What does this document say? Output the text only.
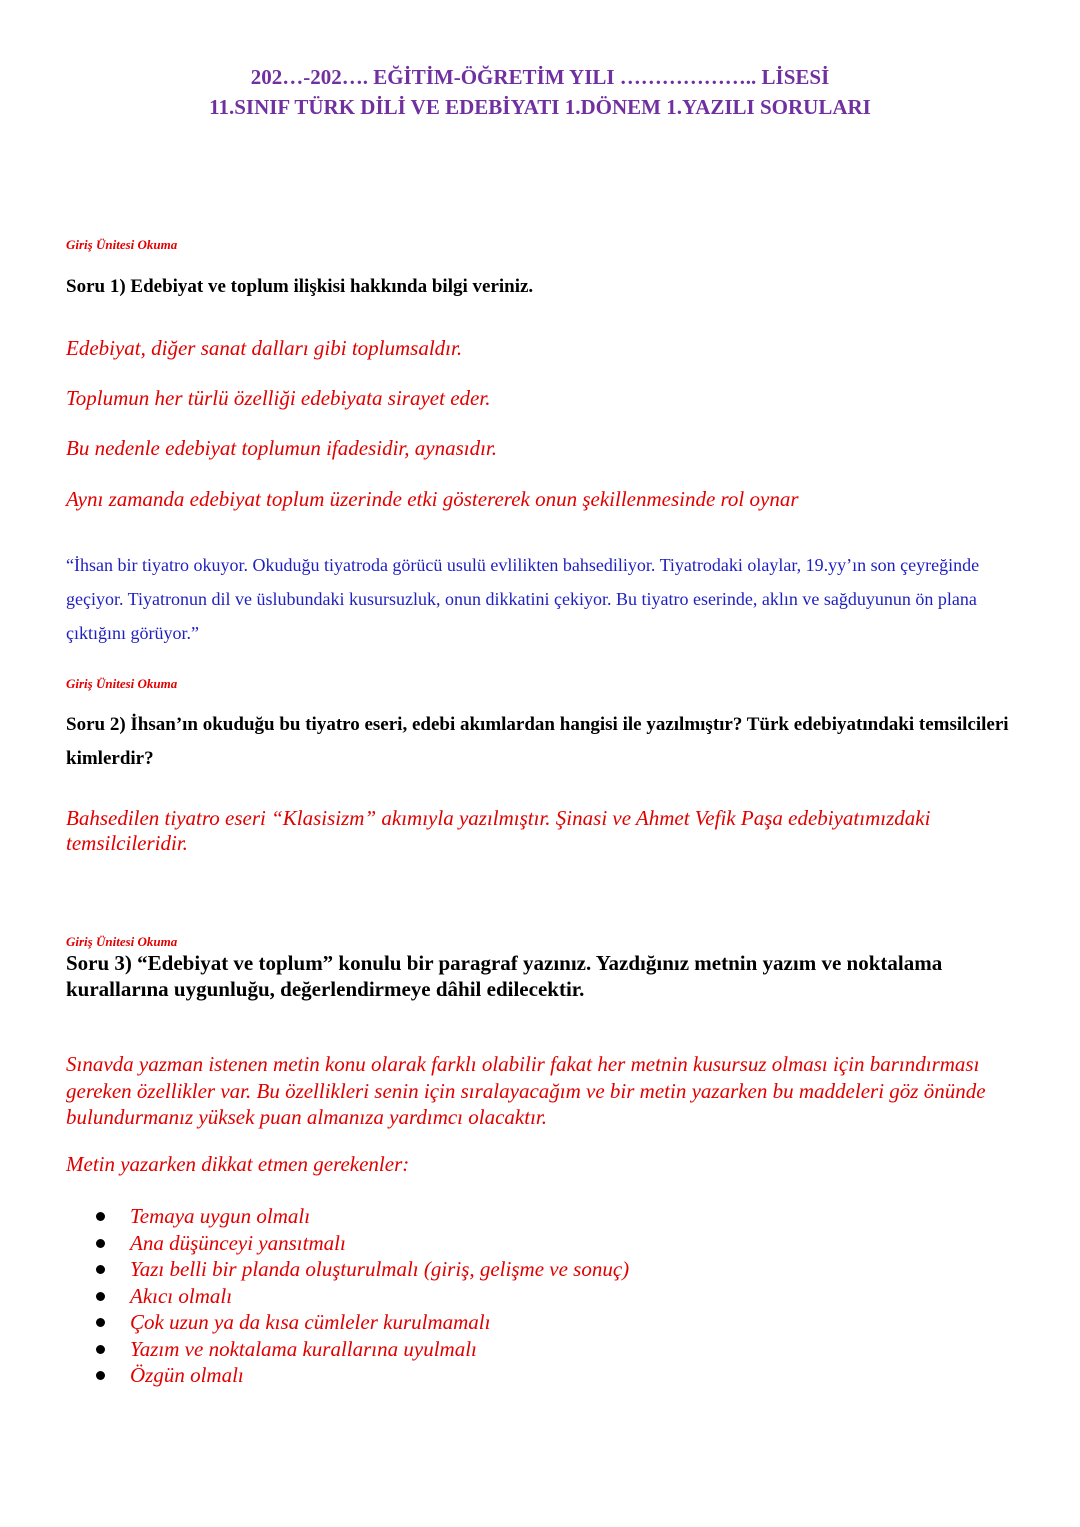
202…-202…. EĞİTİM-ÖĞRETİM YILI ……………….. LİSESİ
11.SINIF TÜRK DİLİ VE EDEBİYATI 1.DÖNEM 1.YAZILI SORULARI
Giriş Ünitesi Okuma
Soru 1) Edebiyat ve toplum ilişkisi hakkında bilgi veriniz.
Edebiyat, diğer sanat dalları gibi toplumsaldır.
Toplumun her türlü özelliği edebiyata sirayet eder.
Bu nedenle edebiyat toplumun ifadesidir, aynasıdır.
Aynı zamanda edebiyat toplum üzerinde etki göstererek onun şekillenmesinde rol oynar
“İhsan bir tiyatro okuyor. Okuduğu tiyatroda görücü usulü evlilikten bahsediliyor. Tiyatrodaki olaylar, 19.yy’ın son çeyreğinde geçiyor. Tiyatronun dil ve üslubundaki kusursuzluk, onun dikkatini çekiyor. Bu tiyatro eserinde, aklın ve sağduyunun ön plana çıktığını görüyor.”
Giriş Ünitesi Okuma
Soru 2) İhsan’ın okuduğu bu tiyatro eseri, edebi akımlardan hangisi ile yazılmıştır? Türk edebiyatındaki temsilcileri kimlerdir?
Bahsedilen tiyatro eseri “Klasisizm” akımıyla yazılmıştır. Şinasi ve Ahmet Vefik Paşa edebiyatımızdaki temsilcileridir.
Giriş Ünitesi Okuma
Soru 3) “Edebiyat ve toplum” konulu bir paragraf yazınız. Yazdığınız metnin yazım ve noktalama kurallarına uygunluğu, değerlendirmeye dâhil edilecektir.
Sınavda yazman istenen metin konu olarak farklı olabilir fakat her metnin kusursuz olması için barındırması gereken özellikler var. Bu özellikleri senin için sıralayacağım ve bir metin yazarken bu maddeleri göz önünde bulundurmanız yüksek puan almanıza yardımcı olacaktır.
Metin yazarken dikkat etmen gerekenler:
Temaya uygun olmalı
Ana düşünceyi yansıtmalı
Yazı belli bir planda oluşturulmalı (giriş, gelişme ve sonuç)
Akıcı olmalı
Çok uzun ya da kısa cümleler kurulmamalı
Yazım ve noktalama kurallarına uyulmalı
Özgün olmalı
